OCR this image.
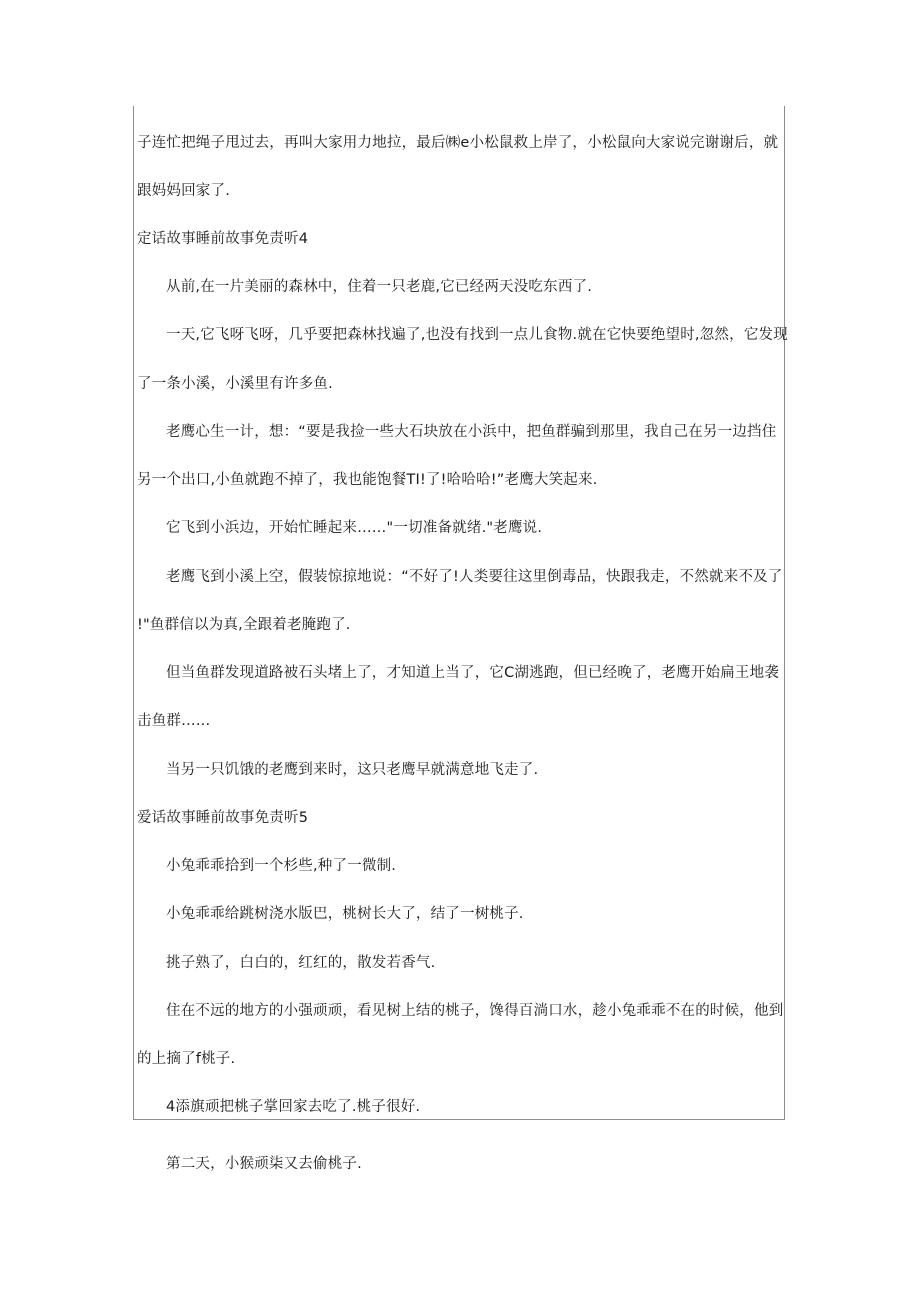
子连忙把绳子甩过去，再叫大家用力地拉，最后㈱e小松鼠救上岸了，小松鼠向大家说完谢谢后，就
跟妈妈回家了.
定话故事睡前故事免责听4
从前,在一片美丽的森林中，住着一只老鹿,它已经两天没吃东西了.
一天,它飞呀飞呀，几乎要把森林找遍了,也没有找到一点儿食物.就在它快要绝望时,忽然，它发现
了一条小溪，小溪里有许多鱼.
老鹰心生一计，想：“要是我捡一些大石块放在小浜中，把鱼群骗到那里，我自己在另一边挡住
另一个出口,小鱼就跑不掉了，我也能饱餐TI!了!哈哈哈!”老鹰大笑起来.
它飞到小浜边，开始忙睡起来……"一切准备就绪."老鹰说.
老鹰飞到小溪上空，假装惊掠地说：“不好了!人类要往这里倒毒品，快跟我走，不然就来不及了
!"鱼群信以为真,全跟着老腌跑了.
但当鱼群发现道路被石头堵上了，才知道上当了，它C湖逃跑，但已经晚了，老鹰开始扁王地袭
击鱼群……
当另一只饥饿的老鹰到来时，这只老鹰早就满意地飞走了.
爱话故事睡前故事免责听5
小兔乖乖拾到一个杉些,种了一微制.
小兔乖乖给跳树浇水版巴，桃树长大了，结了一树桃子.
挑子熟了，白白的，红红的，散发若香气.
住在不远的地方的小强顽顽，看见树上结的桃子，馋得百淌口水，趁小兔乖乖不在的时候，他到
的上摘了f桃子.
4添旗顽把桃子掌回家去吃了.桃子很好.
第二天，小猴顽柒又去偷桃子.
